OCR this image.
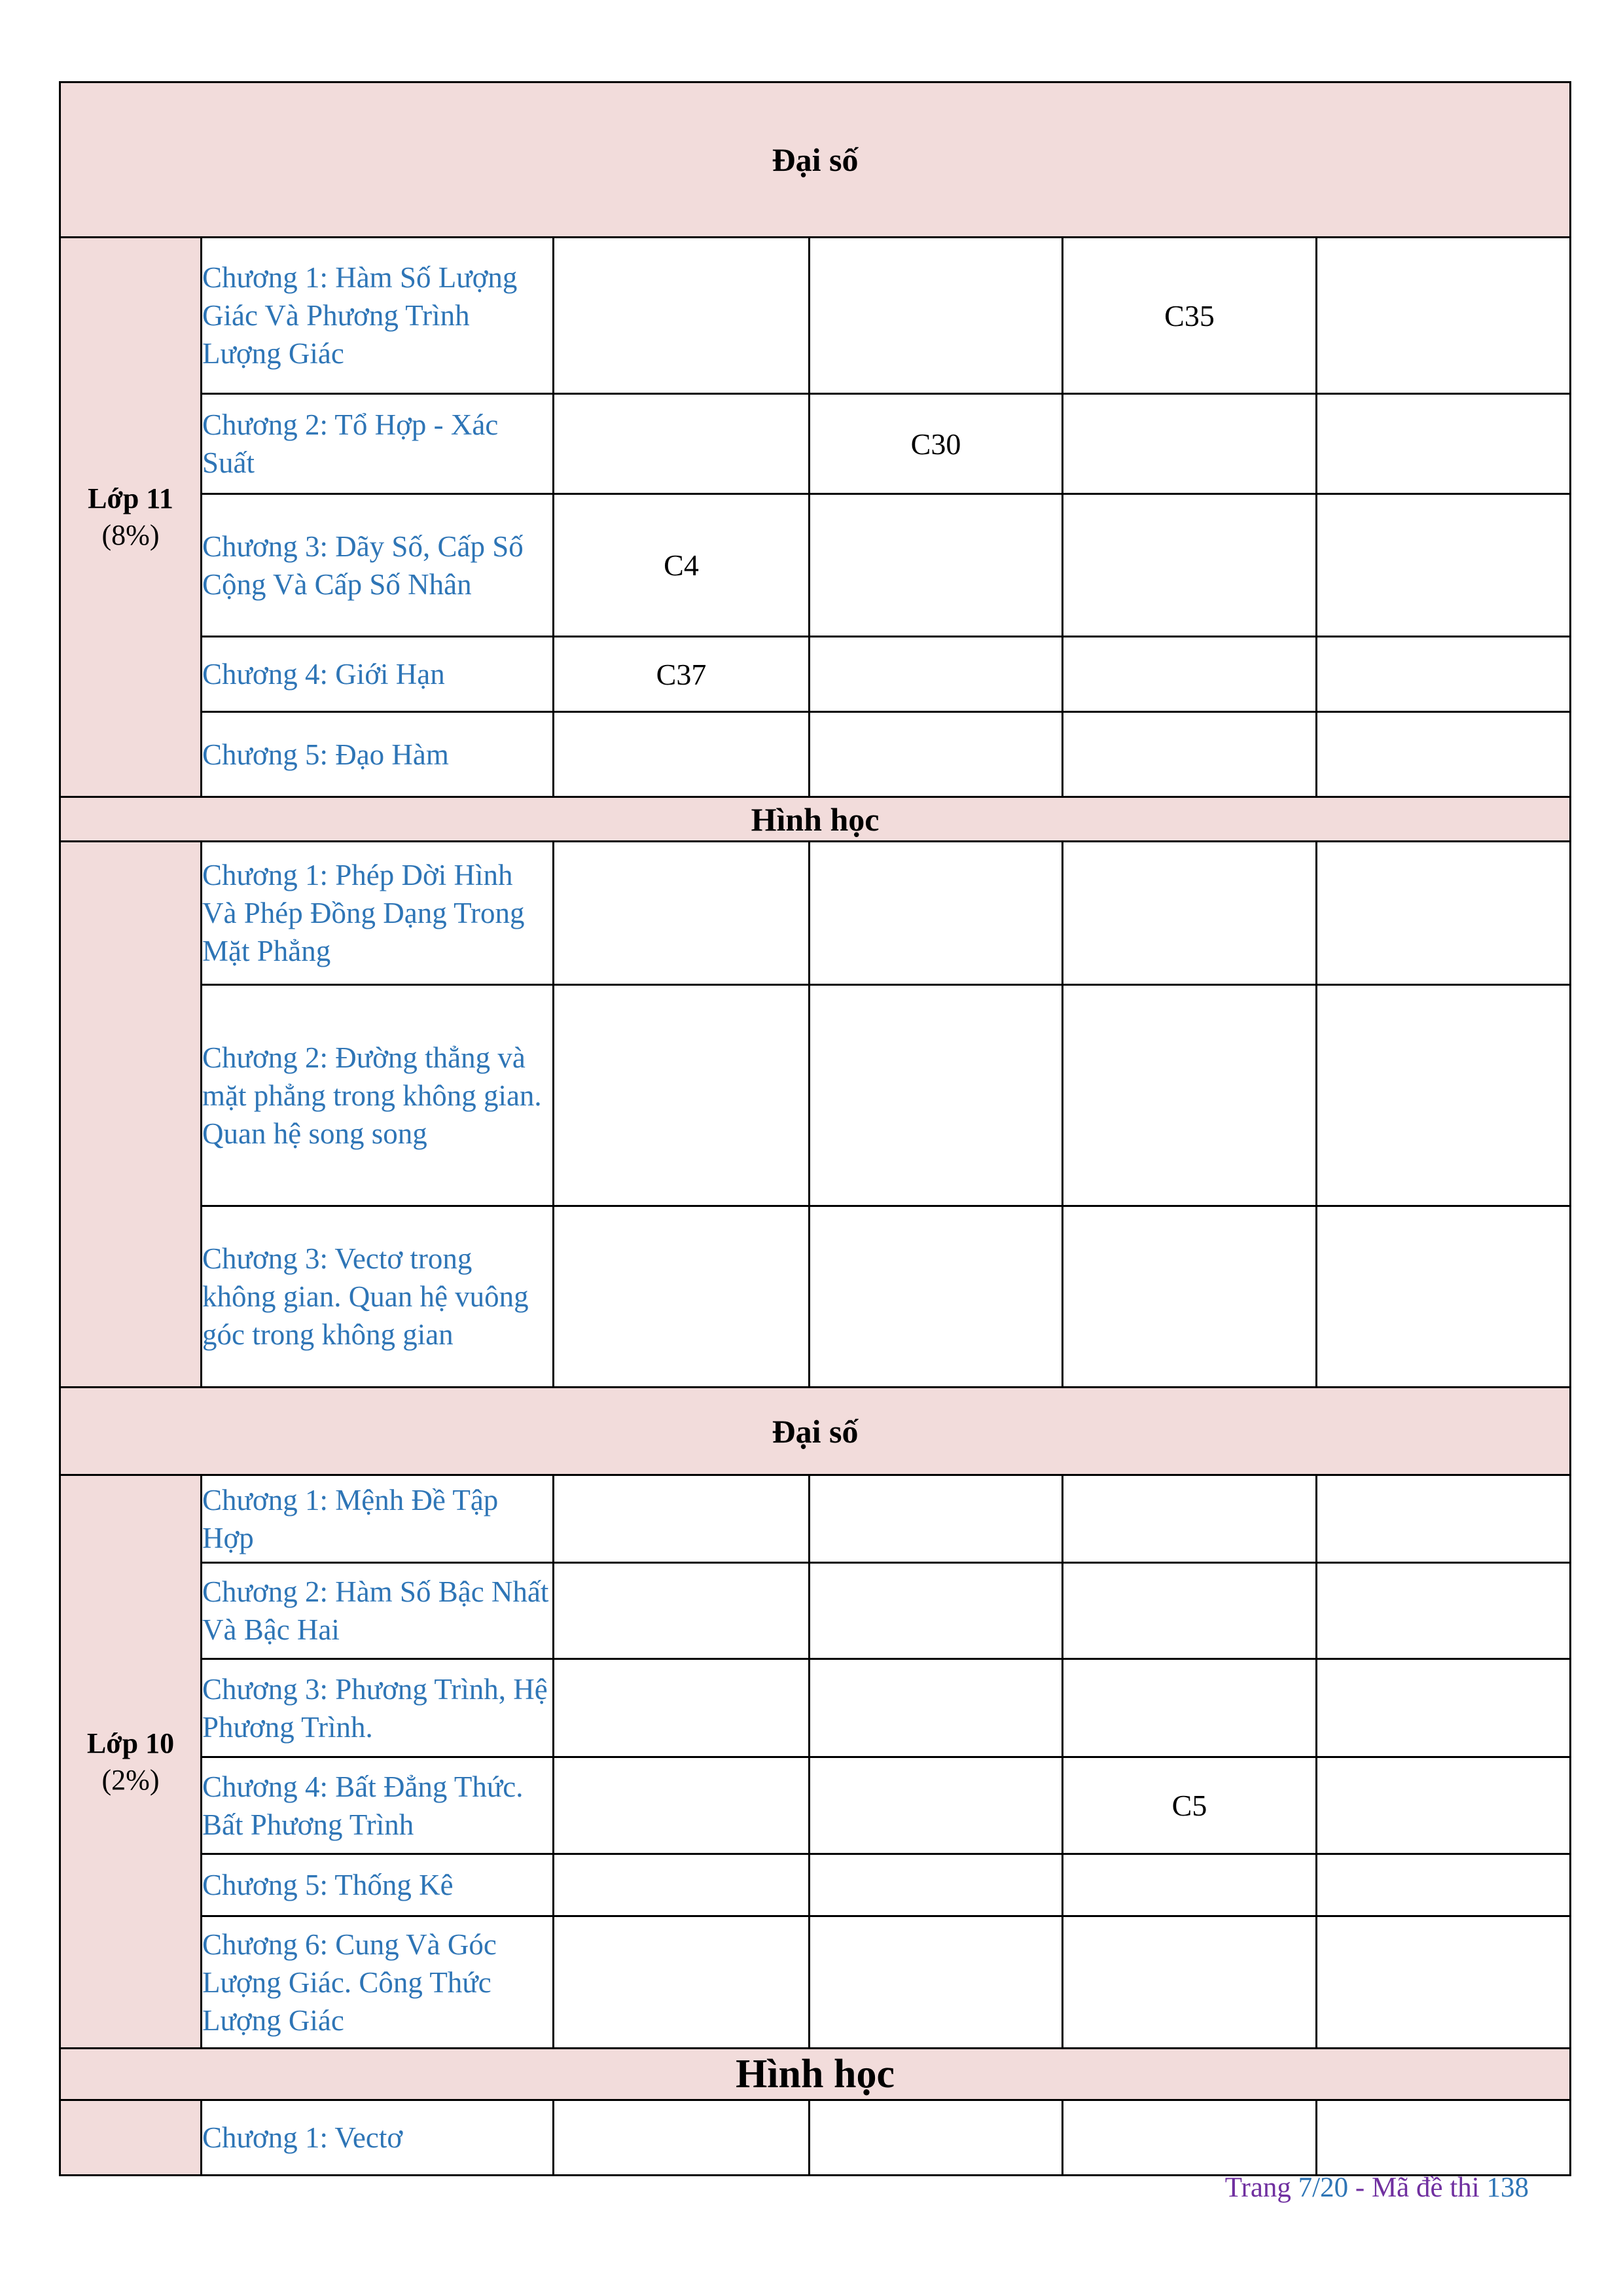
Đại số					

Lớp 11
(8%)	Chương 1: Hàm Số Lượng Giác Và Phương Trình Lượng Giác			C35	
	Chương 2: Tổ Hợp - Xác Suất		C30		
	Chương 3: Dãy Số, Cấp Số Cộng Và Cấp Số Nhân	C4			
	Chương 4: Giới Hạn	C37			
	Chương 5: Đạo Hàm				
Hình học					
	Chương 1: Phép Dời Hình Và Phép Đồng Dạng Trong Mặt Phẳng				
	Chương 2: Đường thẳng và mặt phẳng trong không gian. Quan hệ song song				
	Chương 3: Vectơ trong không gian. Quan hệ vuông góc trong không gian				
Đại số					

Lớp 10
(2%)	Chương 1: Mệnh Đề Tập Hợp				
	Chương 2: Hàm Số Bậc Nhất Và Bậc Hai				
	Chương 3: Phương Trình, Hệ Phương Trình.				
	Chương 4: Bất Đẳng Thức. Bất Phương Trình			C5	
	Chương 5: Thống Kê				
	Chương 6: Cung Và Góc Lượng Giác. Công Thức Lượng Giác				
Hình học					
	Chương 1: Vectơ				
Trang 7/20 - Mã đề thi 138
